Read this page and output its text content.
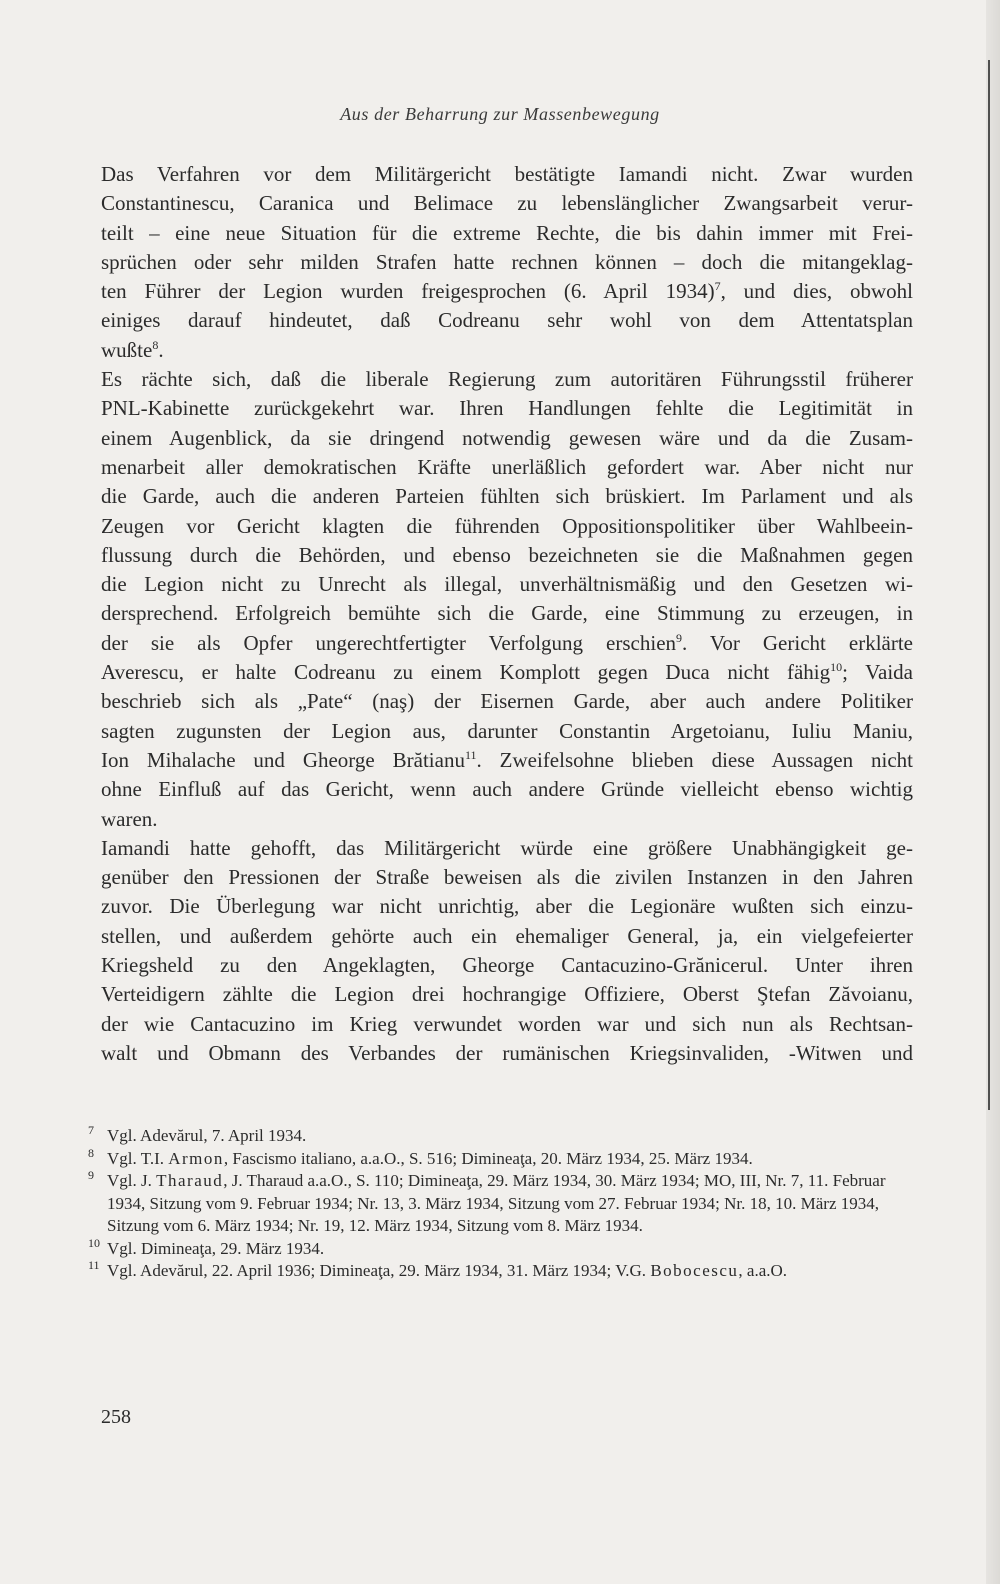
Aus der Beharrung zur Massenbewegung

Das Verfahren vor dem Militärgericht bestätigte Iamandi nicht. Zwar wurden
Constantinescu, Caranica und Belimace zu lebenslänglicher Zwangsarbeit verur-
teilt – eine neue Situation für die extreme Rechte, die bis dahin immer mit Frei-
sprüchen oder sehr milden Strafen hatte rechnen können – doch die mitangeklag-
ten Führer der Legion wurden freigesprochen (6. April 1934)$^7$, und dies, obwohl
einiges darauf hindeutet, daß Codreanu sehr wohl von dem Attentatsplan
wußte$^8$.

Es rächte sich, daß die liberale Regierung zum autoritären Führungsstil früherer
PNL-Kabinette zurückgekehrt war. Ihren Handlungen fehlte die Legitimität in
einem Augenblick, da sie dringend notwendig gewesen wäre und da die Zusam-
menarbeit aller demokratischen Kräfte unerläßlich gefordert war. Aber nicht nur
die Garde, auch die anderen Parteien fühlten sich brüskiert. Im Parlament und als
Zeugen vor Gericht klagten die führenden Oppositionspolitiker über Wahlbeein-
flussung durch die Behörden, und ebenso bezeichneten sie die Maßnahmen gegen
die Legion nicht zu Unrecht als illegal, unverhältnismäßig und den Gesetzen wi-
dersprechend. Erfolgreich bemühte sich die Garde, eine Stimmung zu erzeugen, in
der sie als Opfer ungerechtfertigter Verfolgung erschien$^9$. Vor Gericht erklärte
Averescu, er halte Codreanu zu einem Komplott gegen Duca nicht fähig$^{10}$; Vaida
beschrieb sich als „Pate“ (naş) der Eisernen Garde, aber auch andere Politiker
sagten zugunsten der Legion aus, darunter Constantin Argetoianu, Iuliu Maniu,
Ion Mihalache und Gheorge Brătianu$^{11}$. Zweifelsohne blieben diese Aussagen nicht
ohne Einfluß auf das Gericht, wenn auch andere Gründe vielleicht ebenso wichtig
waren.

Iamandi hatte gehofft, das Militärgericht würde eine größere Unabhängigkeit ge-
genüber den Pressionen der Straße beweisen als die zivilen Instanzen in den Jahren
zuvor. Die Überlegung war nicht unrichtig, aber die Legionäre wußten sich einzu-
stellen, und außerdem gehörte auch ein ehemaliger General, ja, ein vielgefeierter
Kriegsheld zu den Angeklagten, Gheorge Cantacuzino-Grănicerul. Unter ihren
Verteidigern zählte die Legion drei hochrangige Offiziere, Oberst Ştefan Zăvoianu,
der wie Cantacuzino im Krieg verwundet worden war und sich nun als Rechtsan-
walt und Obmann des Verbandes der rumänischen Kriegsinvaliden, -Witwen und

7 Vgl. Adevărul, 7. April 1934.
8 Vgl. T.I. Armon, Fascismo italiano, a.a.O., S. 516; Dimineaţa, 20. März 1934, 25. März 1934.
9 Vgl. J. Tharaud, J. Tharaud a.a.O., S. 110; Dimineaţa, 29. März 1934, 30. März 1934; MO, III, Nr. 7, 11. Februar 1934, Sitzung vom 9. Februar 1934; Nr. 13, 3. März 1934, Sitzung vom 27. Februar 1934; Nr. 18, 10. März 1934, Sitzung vom 6. März 1934; Nr. 19, 12. März 1934, Sitzung vom 8. März 1934.
10 Vgl. Dimineaţa, 29. März 1934.
11 Vgl. Adevărul, 22. April 1936; Dimineaţa, 29. März 1934, 31. März 1934; V.G. Bobocescu, a.a.O.
258
